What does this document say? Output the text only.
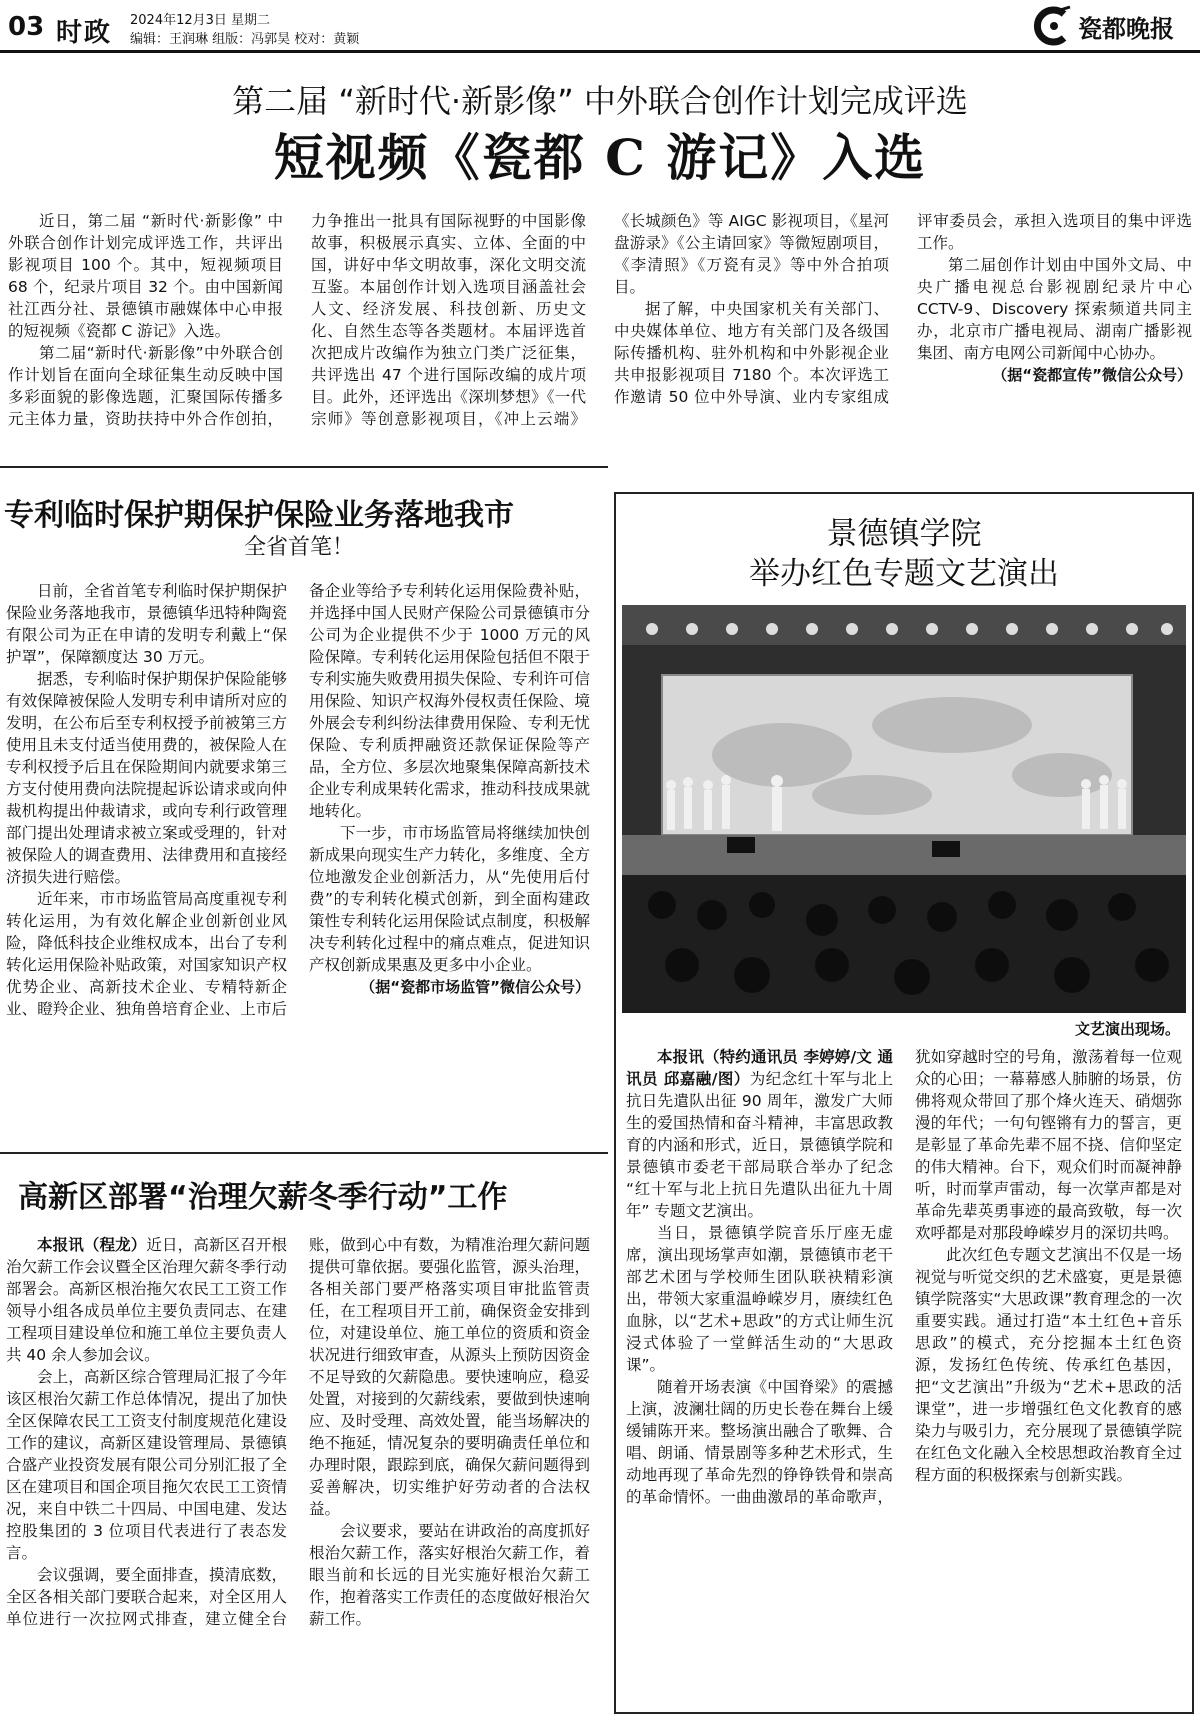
03 时政 2024年12月3日 星期二
编辑：王润琳 组版：冯郭昊 校对：黄颖	瓷都晚报
第二届 “新时代·新影像” 中外联合创作计划完成评选
短视频《瓷都 C 游记》入选

近日，第二届 “新时代·新影像” 中外联合创作计划完成评选工作，共评出影视项目 100 个。其中，短视频项目 68 个，纪录片项目 32 个。由中国新闻社江西分社、景德镇市融媒体中心申报的短视频《瓷都 C 游记》入选。

第二届“新时代·新影像”中外联合创作计划旨在面向全球征集生动反映中国多彩面貌的影像选题，汇聚国际传播多元主体力量，资助扶持中外合作创拍，力争推出一批具有国际视野的中国影像故事，积极展示真实、立体、全面的中国，讲好中华文明故事，深化文明交流互鉴。本届创作计划入选项目涵盖社会人文、经济发展、科技创新、历史文化、自然生态等各类题材。本届评选首次把成片改编作为独立门类广泛征集，共评选出 47 个进行国际改编的成片项目。此外，还评选出《深圳梦想》《一代宗师》等创意影视项目，《冲上云端》《长城颜色》等 AIGC 影视项目，《星河盘游录》《公主请回家》等微短剧项目，《李清照》《万瓷有灵》等中外合拍项目。

据了解，中央国家机关有关部门、中央媒体单位、地方有关部门及各级国际传播机构、驻外机构和中外影视企业共申报影视项目 7180 个。本次评选工作邀请 50 位中外导演、业内专家组成评审委员会，承担入选项目的集中评选工作。

第二届创作计划由中国外文局、中央广播电视总台影视剧纪录片中心 CCTV-9、Discovery 探索频道共同主办，北京市广播电视局、湖南广播影视集团、南方电网公司新闻中心协办。

（据“瓷都宣传”微信公众号）
专利临时保护期保护保险业务落地我市
全省首笔！

日前，全省首笔专利临时保护期保护保险业务落地我市，景德镇华迅特种陶瓷有限公司为正在申请的发明专利戴上“保护罩”，保障额度达 30 万元。

据悉，专利临时保护期保护保险能够有效保障被保险人发明专利申请所对应的发明，在公布后至专利权授予前被第三方使用且未支付适当使用费的，被保险人在专利权授予后且在保险期间内就要求第三方支付使用费向法院提起诉讼请求或向仲裁机构提出仲裁请求，或向专利行政管理部门提出处理请求被立案或受理的，针对被保险人的调查费用、法律费用和直接经济损失进行赔偿。

近年来，市市场监管局高度重视专利转化运用，为有效化解企业创新创业风险，降低科技企业维权成本，出台了专利转化运用保险补贴政策，对国家知识产权优势企业、高新技术企业、专精特新企业、瞪羚企业、独角兽培育企业、上市后备企业等给予专利转化运用保险费补贴，并选择中国人民财产保险公司景德镇市分公司为企业提供不少于 1000 万元的风险保障。专利转化运用保险包括但不限于专利实施失败费用损失保险、专利许可信用保险、知识产权海外侵权责任保险、境外展会专利纠纷法律费用保险、专利无忧保险、专利质押融资还款保证保险等产品，全方位、多层次地聚集保障高新技术企业专利成果转化需求，推动科技成果就地转化。

下一步，市市场监管局将继续加快创新成果向现实生产力转化，多维度、全方位地激发企业创新活力，从“先使用后付费”的专利转化模式创新，到全面构建政策性专利转化运用保险试点制度，积极解决专利转化过程中的痛点难点，促进知识产权创新成果惠及更多中小企业。

（据“瓷都市场监管”微信公众号）
高新区部署“治理欠薪冬季行动”工作

本报讯（程龙）近日，高新区召开根治欠薪工作会议暨全区治理欠薪冬季行动部署会。高新区根治拖欠农民工工资工作领导小组各成员单位主要负责同志、在建工程项目建设单位和施工单位主要负责人共 40 余人参加会议。

会上，高新区综合管理局汇报了今年该区根治欠薪工作总体情况，提出了加快全区保障农民工工资支付制度规范化建设工作的建议，高新区建设管理局、景德镇合盛产业投资发展有限公司分别汇报了全区在建项目和国企项目拖欠农民工工资情况，来自中铁二十四局、中国电建、发达控股集团的 3 位项目代表进行了表态发言。

会议强调，要全面排查，摸清底数，全区各相关部门要联合起来，对全区用人单位进行一次拉网式排查，建立健全台账，做到心中有数，为精准治理欠薪问题提供可靠依据。要强化监管，源头治理，各相关部门要严格落实项目审批监管责任，在工程项目开工前，确保资金安排到位，对建设单位、施工单位的资质和资金状况进行细致审查，从源头上预防因资金不足导致的欠薪隐患。要快速响应，稳妥处置，对接到的欠薪线索，要做到快速响应、及时受理、高效处置，能当场解决的绝不拖延，情况复杂的要明确责任单位和办理时限，跟踪到底，确保欠薪问题得到妥善解决，切实维护好劳动者的合法权益。

会议要求，要站在讲政治的高度抓好根治欠薪工作，落实好根治欠薪工作，着眼当前和长远的目光实施好根治欠薪工作，抱着落实工作责任的态度做好根治欠薪工作。

景德镇学院
举办红色专题文艺演出
文艺演出现场。

本报讯（特约通讯员 李婷婷/文 通讯员 邱嘉融/图）为纪念红十军与北上抗日先遣队出征 90 周年，激发广大师生的爱国热情和奋斗精神，丰富思政教育的内涵和形式，近日，景德镇学院和景德镇市委老干部局联合举办了纪念 “红十军与北上抗日先遣队出征九十周年” 专题文艺演出。

当日，景德镇学院音乐厅座无虚席，演出现场掌声如潮，景德镇市老干部艺术团与学校师生团队联袂精彩演出，带领大家重温峥嵘岁月，赓续红色血脉，以“艺术+思政”的方式让师生沉浸式体验了一堂鲜活生动的“大思政课”。

随着开场表演《中国脊梁》的震撼上演，波澜壮阔的历史长卷在舞台上缓缓铺陈开来。整场演出融合了歌舞、合唱、朗诵、情景剧等多种艺术形式，生动地再现了革命先烈的铮铮铁骨和崇高的革命情怀。一曲曲激昂的革命歌声，犹如穿越时空的号角，激荡着每一位观众的心田；一幕幕感人肺腑的场景，仿佛将观众带回了那个烽火连天、硝烟弥漫的年代；一句句铿锵有力的誓言，更是彰显了革命先辈不屈不挠、信仰坚定的伟大精神。台下，观众们时而凝神静听，时而掌声雷动，每一次掌声都是对革命先辈英勇事迹的最高致敬，每一次欢呼都是对那段峥嵘岁月的深切共鸣。

此次红色专题文艺演出不仅是一场视觉与听觉交织的艺术盛宴，更是景德镇学院落实“大思政课”教育理念的一次重要实践。通过打造“本土红色+音乐思政”的模式，充分挖掘本土红色资源，发扬红色传统、传承红色基因，把“文艺演出”升级为“艺术+思政的活课堂”，进一步增强红色文化教育的感染力与吸引力，充分展现了景德镇学院在红色文化融入全校思想政治教育全过程方面的积极探索与创新实践。
